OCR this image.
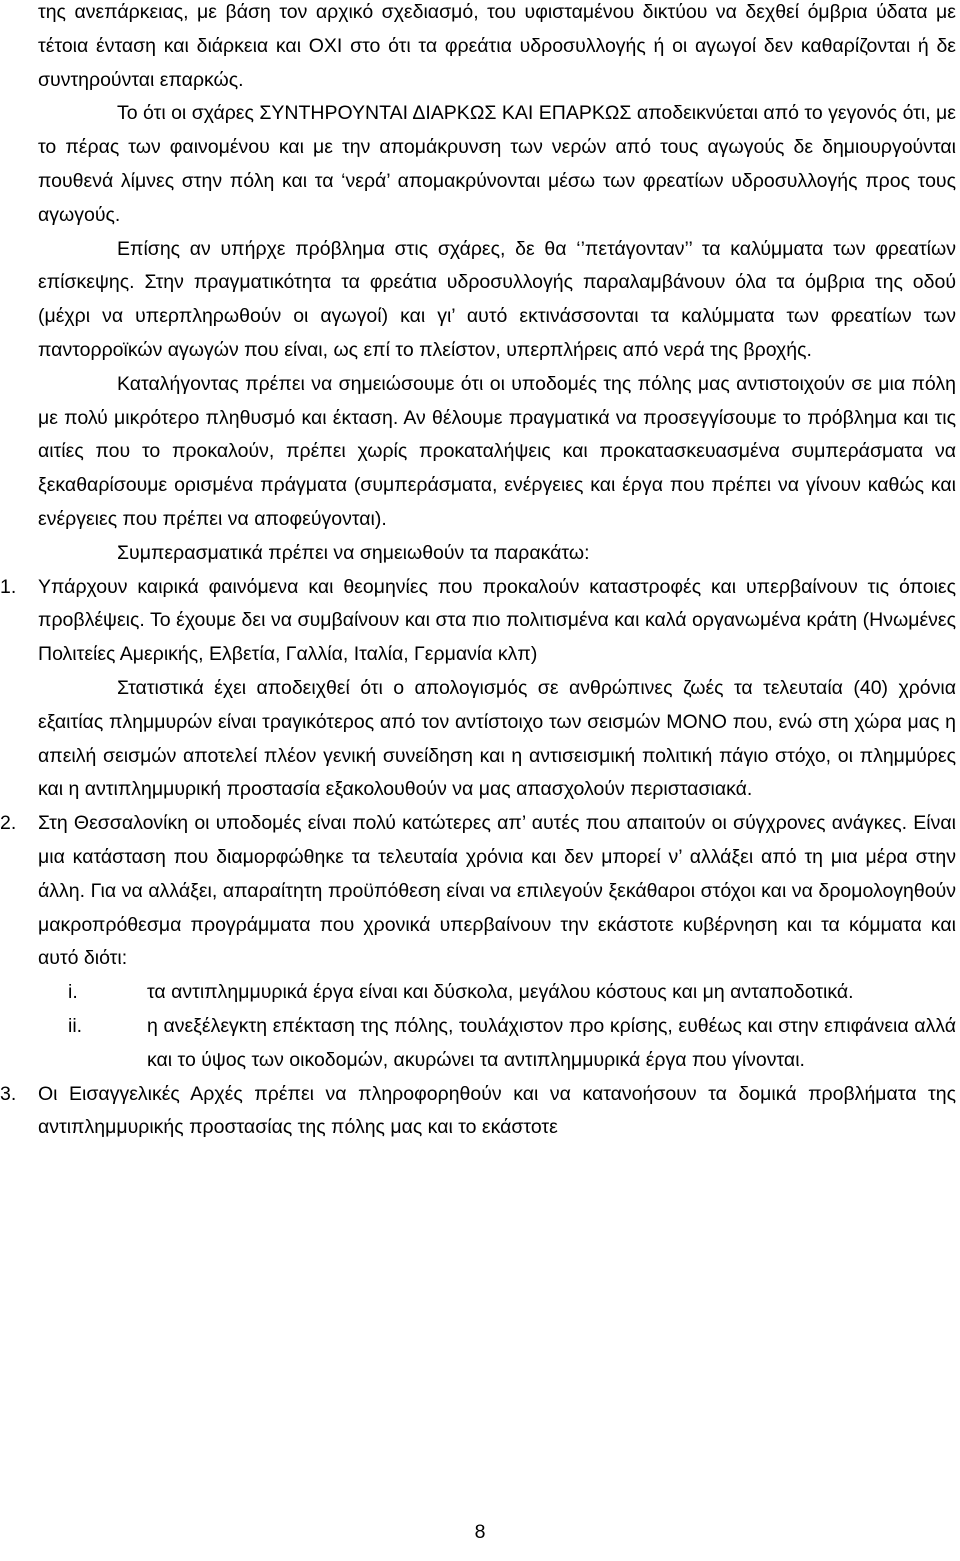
της ανεπάρκειας, με βάση τον αρχικό σχεδιασμό, του υφισταμένου δικτύου να δεχθεί όμβρια ύδατα με τέτοια ένταση και διάρκεια και ΟΧΙ στο ότι τα φρεάτια υδροσυλλογής ή οι αγωγοί δεν καθαρίζονται ή δε συντηρούνται επαρκώς.

Το ότι οι σχάρες ΣΥΝΤΗΡΟΥΝΤΑΙ ΔΙΑΡΚΩΣ ΚΑΙ ΕΠΑΡΚΩΣ αποδεικνύεται από το γεγονός ότι, με το πέρας των φαινομένου και με την απομάκρυνση των νερών από τους αγωγούς δε δημιουργούνται πουθενά λίμνες στην πόλη και τα ‘νερά’ απομακρύνονται μέσω των φρεατίων υδροσυλλογής προς τους αγωγούς.

Επίσης αν υπήρχε πρόβλημα στις σχάρες, δε θα ‘’πετάγονταν’’ τα καλύμματα των φρεατίων επίσκεψης. Στην πραγματικότητα τα φρεάτια υδροσυλλογής παραλαμβάνουν όλα τα όμβρια της οδού (μέχρι να υπερπληρωθούν οι αγωγοί) και γι’ αυτό εκτινάσσονται τα καλύμματα των φρεατίων των παντορροϊκών αγωγών που είναι, ως επί το πλείστον, υπερπλήρεις από νερά της βροχής.

Καταλήγοντας πρέπει να σημειώσουμε ότι οι υποδομές της πόλης μας αντιστοιχούν σε μια πόλη με πολύ μικρότερο πληθυσμό και έκταση. Αν θέλουμε πραγματικά να προσεγγίσουμε το πρόβλημα και τις αιτίες που το προκαλούν, πρέπει χωρίς προκαταλήψεις και προκατασκευασμένα συμπεράσματα να ξεκαθαρίσουμε ορισμένα πράγματα (συμπεράσματα, ενέργειες και έργα που πρέπει να γίνουν καθώς και ενέργειες που πρέπει να αποφεύγονται).

Συμπερασματικά πρέπει να σημειωθούν τα παρακάτω:

1. Υπάρχουν καιρικά φαινόμενα και θεομηνίες που προκαλούν καταστροφές και υπερβαίνουν τις όποιες προβλέψεις. Το έχουμε δει να συμβαίνουν και στα πιο πολιτισμένα και καλά οργανωμένα κράτη (Ηνωμένες Πολιτείες Αμερικής, Ελβετία, Γαλλία, Ιταλία, Γερμανία κλπ)

Στατιστικά έχει αποδειχθεί ότι ο απολογισμός σε ανθρώπινες ζωές τα τελευταία (40) χρόνια εξαιτίας πλημμυρών είναι τραγικότερος από τον αντίστοιχο των σεισμών ΜΟΝΟ που, ενώ στη χώρα μας η απειλή σεισμών αποτελεί πλέον γενική συνείδηση και η αντισεισμική πολιτική πάγιο στόχο, οι πλημμύρες και η αντιπλημμυρική προστασία εξακολουθούν να μας απασχολούν περιστασιακά.

2. Στη Θεσσαλονίκη οι υποδομές είναι πολύ κατώτερες απ’ αυτές που απαιτούν οι σύγχρονες ανάγκες. Είναι μια κατάσταση που διαμορφώθηκε τα τελευταία χρόνια και δεν μπορεί ν’ αλλάξει από τη μια μέρα στην άλλη. Για να αλλάξει, απαραίτητη προϋπόθεση είναι να επιλεγούν ξεκάθαροι στόχοι και να δρομολογηθούν μακροπρόθεσμα προγράμματα που χρονικά υπερβαίνουν την εκάστοτε κυβέρνηση και τα κόμματα και αυτό διότι:

i.	τα αντιπλημμυρικά έργα είναι και δύσκολα, μεγάλου κόστους και μη ανταποδοτικά.

ii.	η ανεξέλεγκτη επέκταση της πόλης, τουλάχιστον προ κρίσης, ευθέως και στην επιφάνεια αλλά και το ύψος των οικοδομών, ακυρώνει τα αντιπλημμυρικά έργα που γίνονται.

3. Οι Εισαγγελικές Αρχές πρέπει να πληροφορηθούν και να κατανοήσουν τα δομικά προβλήματα της αντιπλημμυρικής προστασίας της πόλης μας και το εκάστοτε

8
